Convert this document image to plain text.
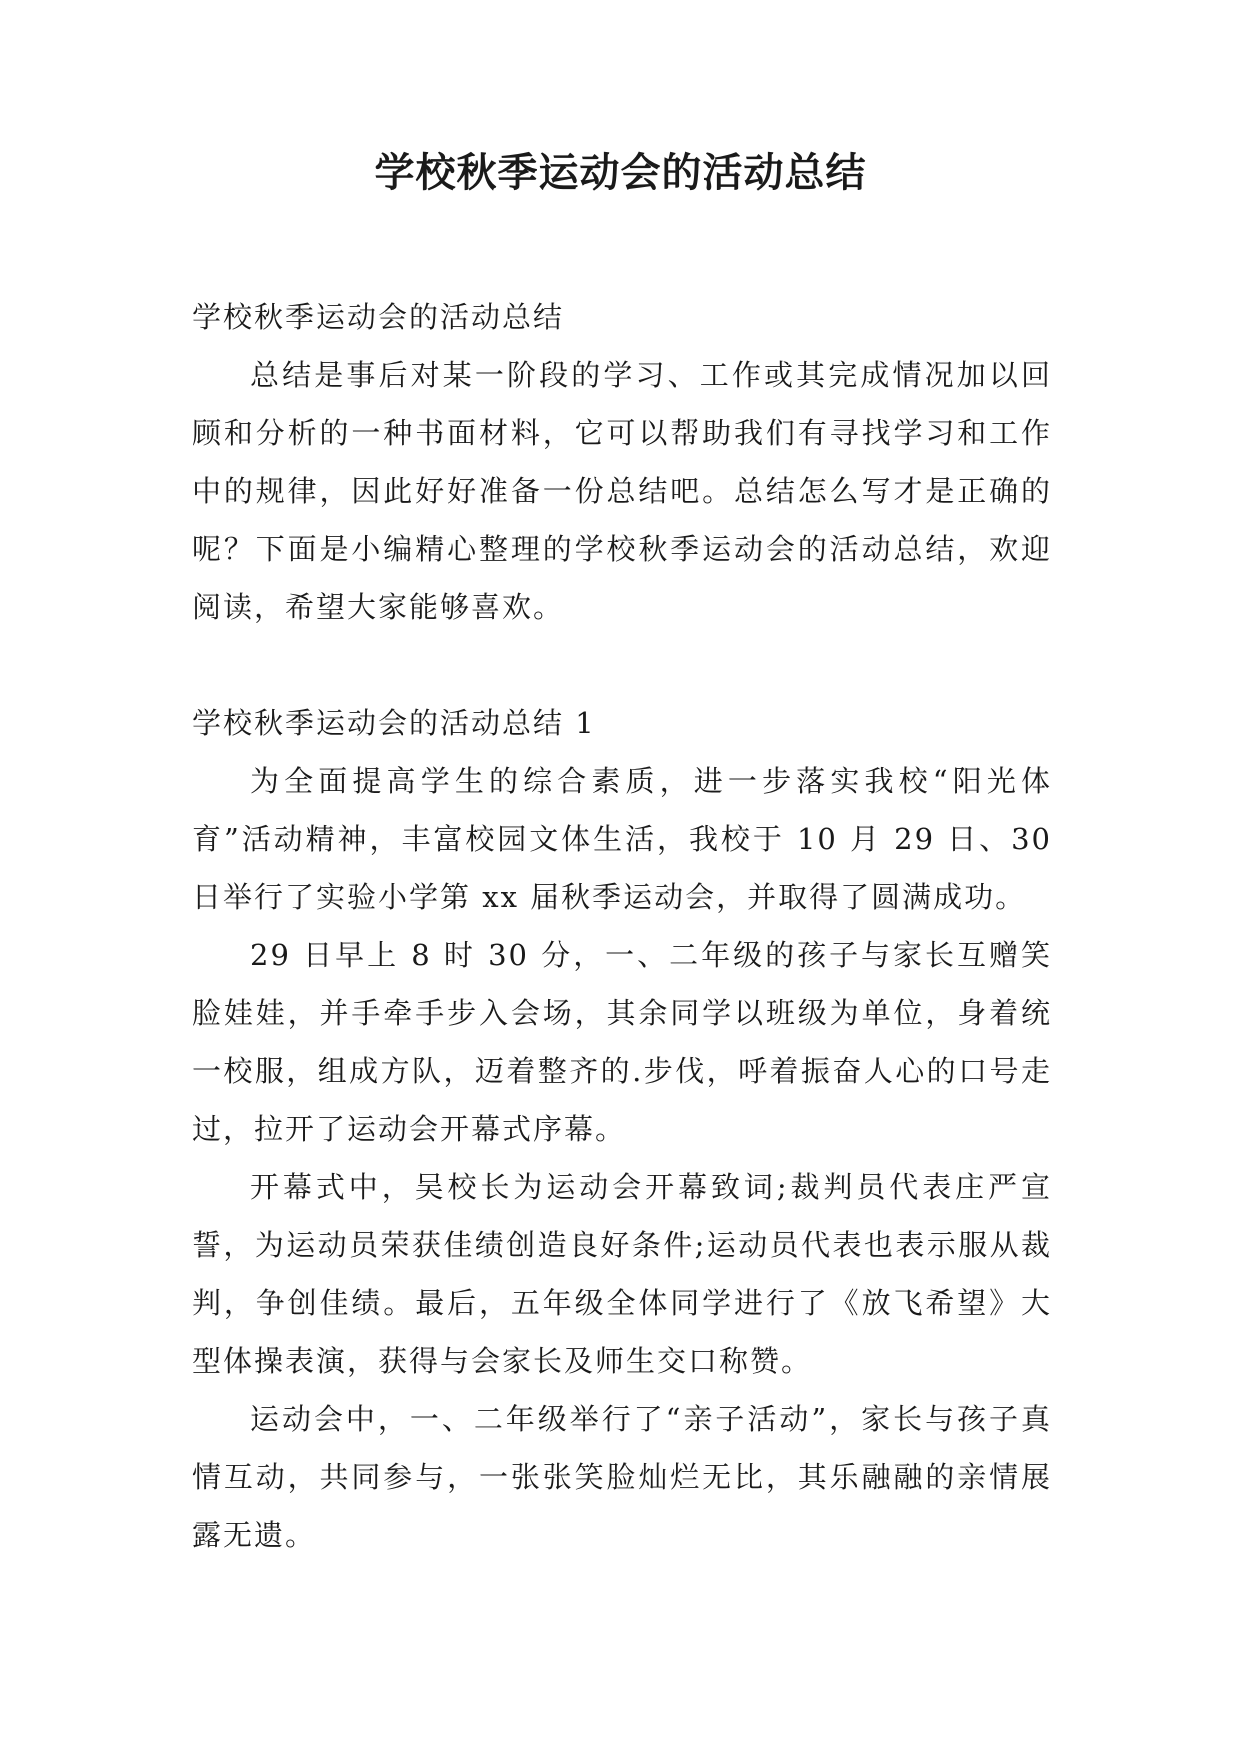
学校秋季运动会的活动总结

学校秋季运动会的活动总结

总结是事后对某一阶段的学习、工作或其完成情况加以回顾和分析的一种书面材料，它可以帮助我们有寻找学习和工作中的规律，因此好好准备一份总结吧。总结怎么写才是正确的呢？下面是小编精心整理的学校秋季运动会的活动总结，欢迎阅读，希望大家能够喜欢。

学校秋季运动会的活动总结 1

为全面提高学生的综合素质，进一步落实我校“阳光体育”活动精神，丰富校园文体生活，我校于 10 月 29 日、30 日举行了实验小学第 xx 届秋季运动会，并取得了圆满成功。

29 日早上 8 时 30 分，一、二年级的孩子与家长互赠笑脸娃娃，并手牵手步入会场，其余同学以班级为单位，身着统一校服，组成方队，迈着整齐的.步伐，呼着振奋人心的口号走过，拉开了运动会开幕式序幕。

开幕式中，吴校长为运动会开幕致词;裁判员代表庄严宣誓，为运动员荣获佳绩创造良好条件;运动员代表也表示服从裁判，争创佳绩。最后，五年级全体同学进行了《放飞希望》大型体操表演，获得与会家长及师生交口称赞。

运动会中，一、二年级举行了“亲子活动”，家长与孩子真情互动，共同参与，一张张笑脸灿烂无比，其乐融融的亲情展露无遗。
